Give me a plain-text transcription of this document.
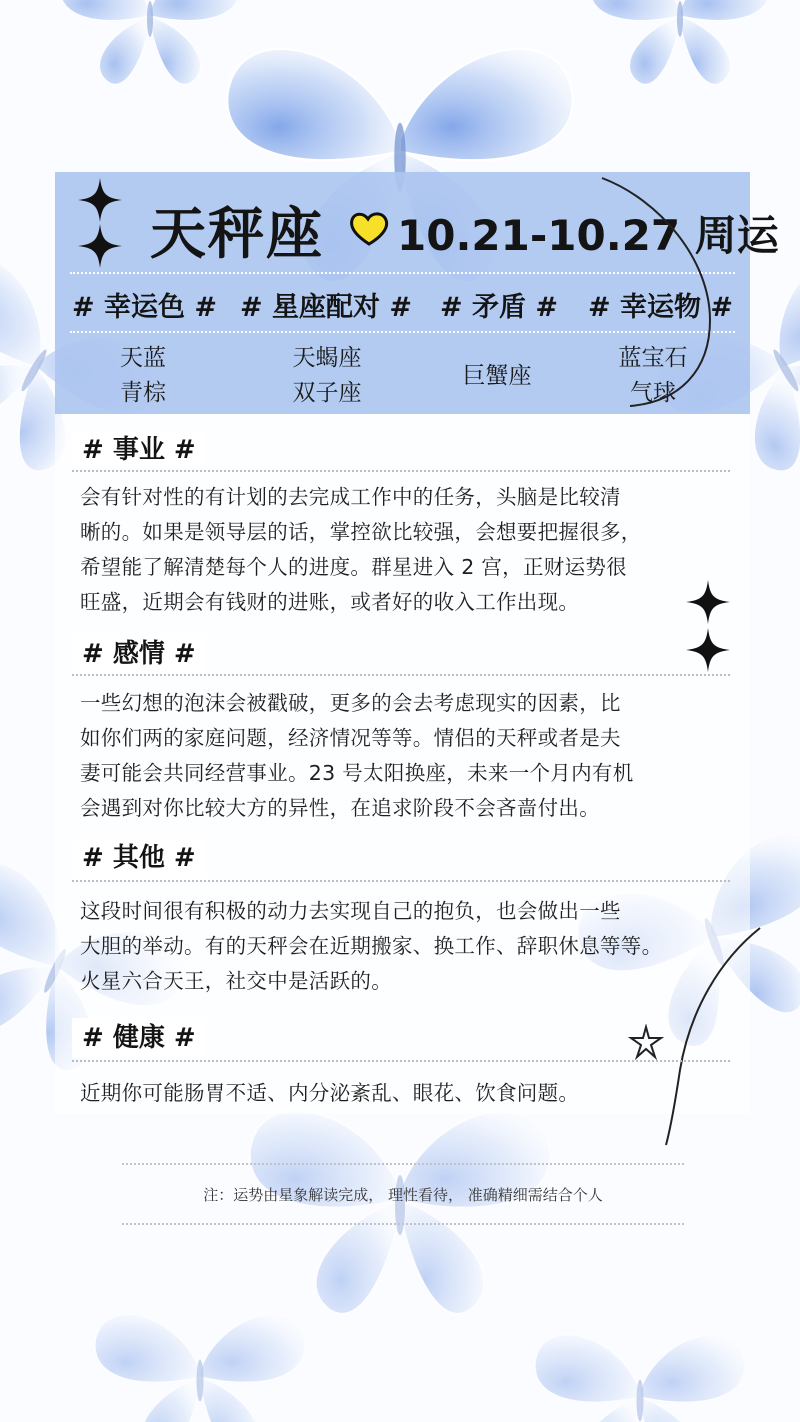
天秤座 10.21-10.27 周运
# 幸运色 # # 星座配对 # # 矛盾 # # 幸运物 #
天蓝
青棕
天蝎座
双子座
巨蟹座
蓝宝石
气球
# 事业 #
会有针对性的有计划的去完成工作中的任务，头脑是比较清
晰的。如果是领导层的话，掌控欲比较强，会想要把握很多，
希望能了解清楚每个人的进度。群星进入 2 宫，正财运势很
旺盛，近期会有钱财的进账，或者好的收入工作出现。
# 感情 #
一些幻想的泡沫会被戳破，更多的会去考虑现实的因素，比
如你们两的家庭问题，经济情况等等。情侣的天秤或者是夫
妻可能会共同经营事业。23 号太阳换座，未来一个月内有机
会遇到对你比较大方的异性，在追求阶段不会吝啬付出。
# 其他 #
这段时间很有积极的动力去实现自己的抱负，也会做出一些
大胆的举动。有的天秤会在近期搬家、换工作、辞职休息等等。
火星六合天王，社交中是活跃的。
# 健康 #
近期你可能肠胃不适、内分泌紊乱、眼花、饮食问题。
注：运势由星象解读完成， 理性看待， 准确精细需结合个人
